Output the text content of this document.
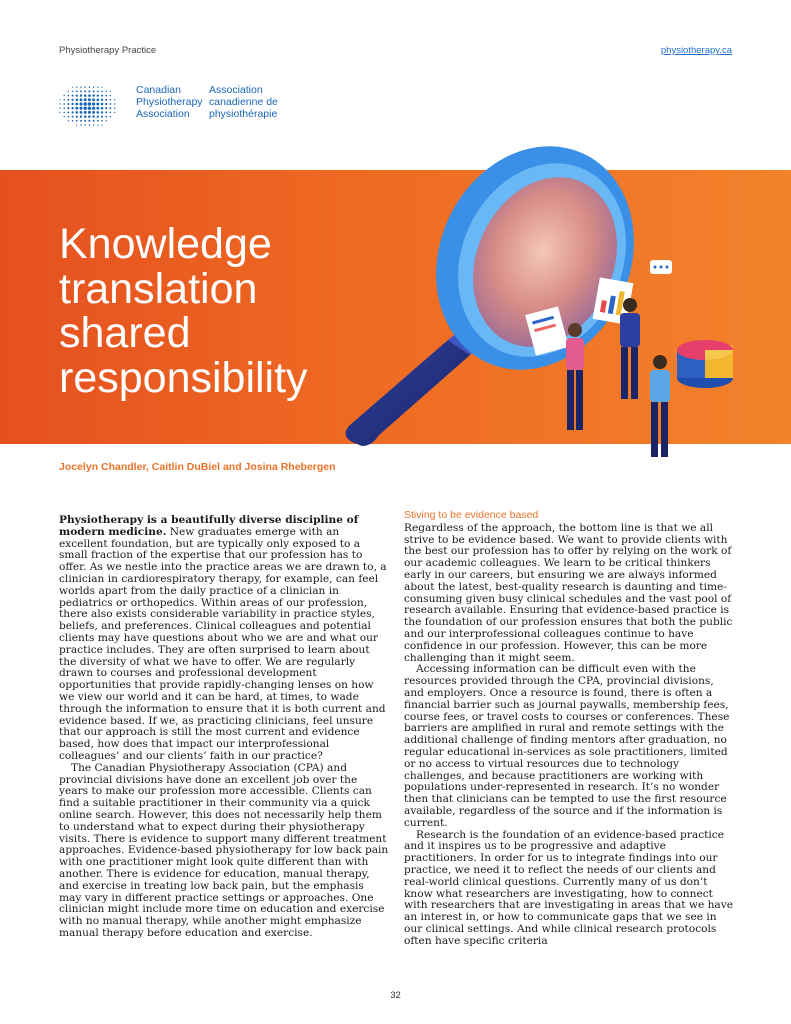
Physiotherapy Practice	physiotherapy.ca
Canadian
Physiotherapy
Association
Association
canadienne de
physiothérapie
Knowledge
translation
shared
responsibility
Jocelyn Chandler, Caitlin DuBiel and Josina Rhebergen

Physiotherapy is a beautifully diverse discipline of modern medicine. New graduates emerge with an excellent foundation, but are typically only exposed to a small fraction of the expertise that our profession has to offer. As we nestle into the practice areas we are drawn to, a clinician in cardiorespiratory therapy, for example, can feel worlds apart from the daily practice of a clinician in pediatrics or orthopedics. Within areas of our profession, there also exists considerable variability in practice styles, beliefs, and preferences. Clinical colleagues and potential clients may have questions about who we are and what our practice includes. They are often surprised to learn about the diversity of what we have to offer. We are regularly drawn to courses and professional development opportunities that provide rapidly-changing lenses on how we view our world and it can be hard, at times, to wade through the information to ensure that it is both current and evidence based. If we, as practicing clinicians, feel unsure that our approach is still the most current and evidence based, how does that impact our interprofessional colleagues’ and our clients’ faith in our practice?

The Canadian Physiotherapy Association (CPA) and provincial divisions have done an excellent job over the years to make our profession more accessible. Clients can find a suitable practitioner in their community via a quick online search. However, this does not necessarily help them to understand what to expect during their physiotherapy visits. There is evidence to support many different treatment approaches. Evidence-based physiotherapy for low back pain with one practitioner might look quite different than with another. There is evidence for education, manual therapy, and exercise in treating low back pain, but the emphasis may vary in different practice settings or approaches. One clinician might include more time on education and exercise with no manual therapy, while another might emphasize manual therapy before education and exercise.

Stiving to be evidence based

Regardless of the approach, the bottom line is that we all strive to be evidence based. We want to provide clients with the best our profession has to offer by relying on the work of our academic colleagues. We learn to be critical thinkers early in our careers, but ensuring we are always informed about the latest, best-quality research is daunting and time-consuming given busy clinical schedules and the vast pool of research available. Ensuring that evidence-based practice is the foundation of our profession ensures that both the public and our interprofessional colleagues continue to have confidence in our profession. However, this can be more challenging than it might seem.

Accessing information can be difficult even with the resources provided through the CPA, provincial divisions, and employers. Once a resource is found, there is often a financial barrier such as journal paywalls, membership fees, course fees, or travel costs to courses or conferences. These barriers are amplified in rural and remote settings with the additional challenge of finding mentors after graduation, no regular educational in-services as sole practitioners, limited or no access to virtual resources due to technology challenges, and because practitioners are working with populations under-represented in research. It’s no wonder then that clinicians can be tempted to use the first resource available, regardless of the source and if the information is current.

Research is the foundation of an evidence-based practice and it inspires us to be progressive and adaptive practitioners. In order for us to integrate findings into our practice, we need it to reflect the needs of our clients and real-world clinical questions. Currently many of us don’t know what researchers are investigating, how to connect with researchers that are investigating in areas that we have an interest in, or how to communicate gaps that we see in our clinical settings. And while clinical research protocols often have specific criteria

32
